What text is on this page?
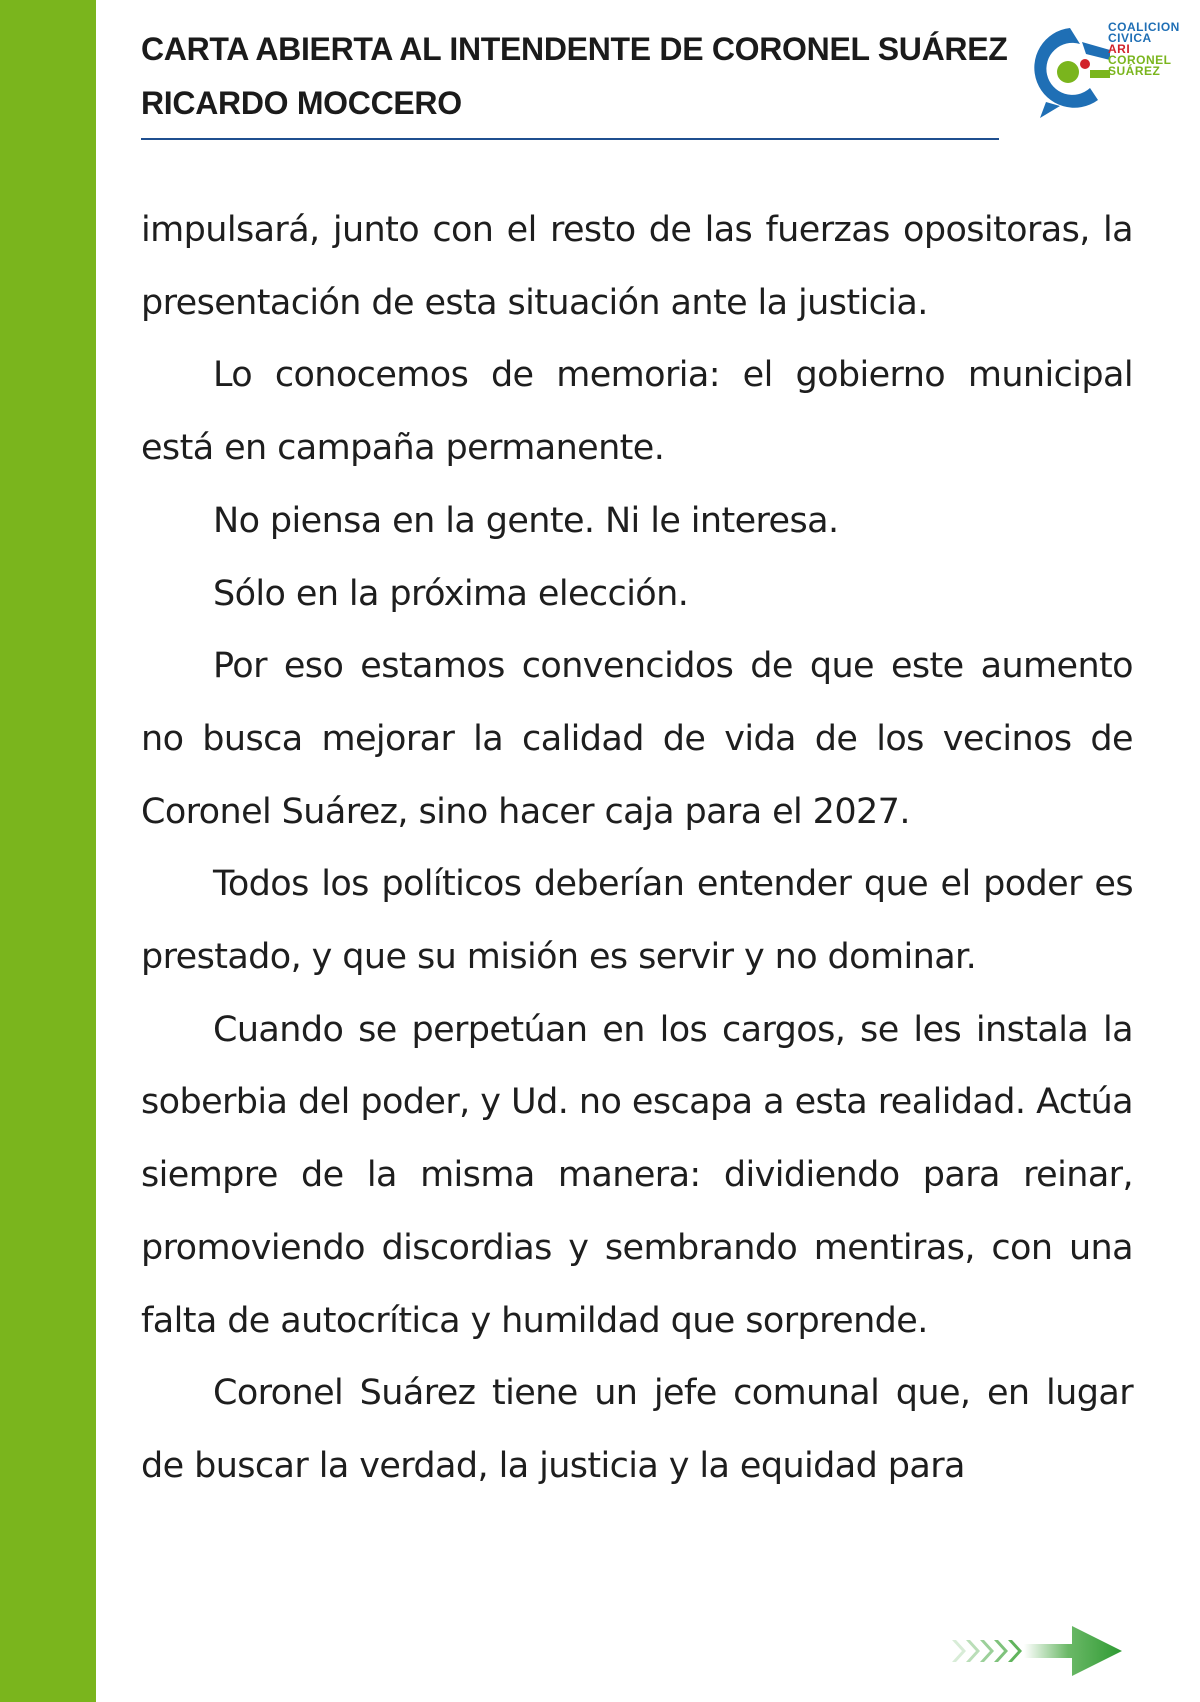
CARTA ABIERTA AL INTENDENTE DE CORONEL SUÁREZ
RICARDO MOCCERO
COALICION
CIVICA
ARI
CORONEL
SUÁREZ

impulsará, junto con el resto de las fuerzas opositoras, la presentación de esta situación ante la justicia.

Lo conocemos de memoria: el gobierno municipal está en campaña permanente.

No piensa en la gente. Ni le interesa.

Sólo en la próxima elección.

Por eso estamos convencidos de que este aumento no busca mejorar la calidad de vida de los vecinos de Coronel Suárez, sino hacer caja para el 2027.

Todos los políticos deberían entender que el poder es prestado, y que su misión es servir y no dominar.

Cuando se perpetúan en los cargos, se les instala la soberbia del poder, y Ud. no escapa a esta realidad. Actúa siempre de la misma manera: dividiendo para reinar, promoviendo discordias y sembrando mentiras, con una falta de autocrítica y humildad que sorprende.

Coronel Suárez tiene un jefe comunal que, en lugar de buscar la verdad, la justicia y la equidad para
